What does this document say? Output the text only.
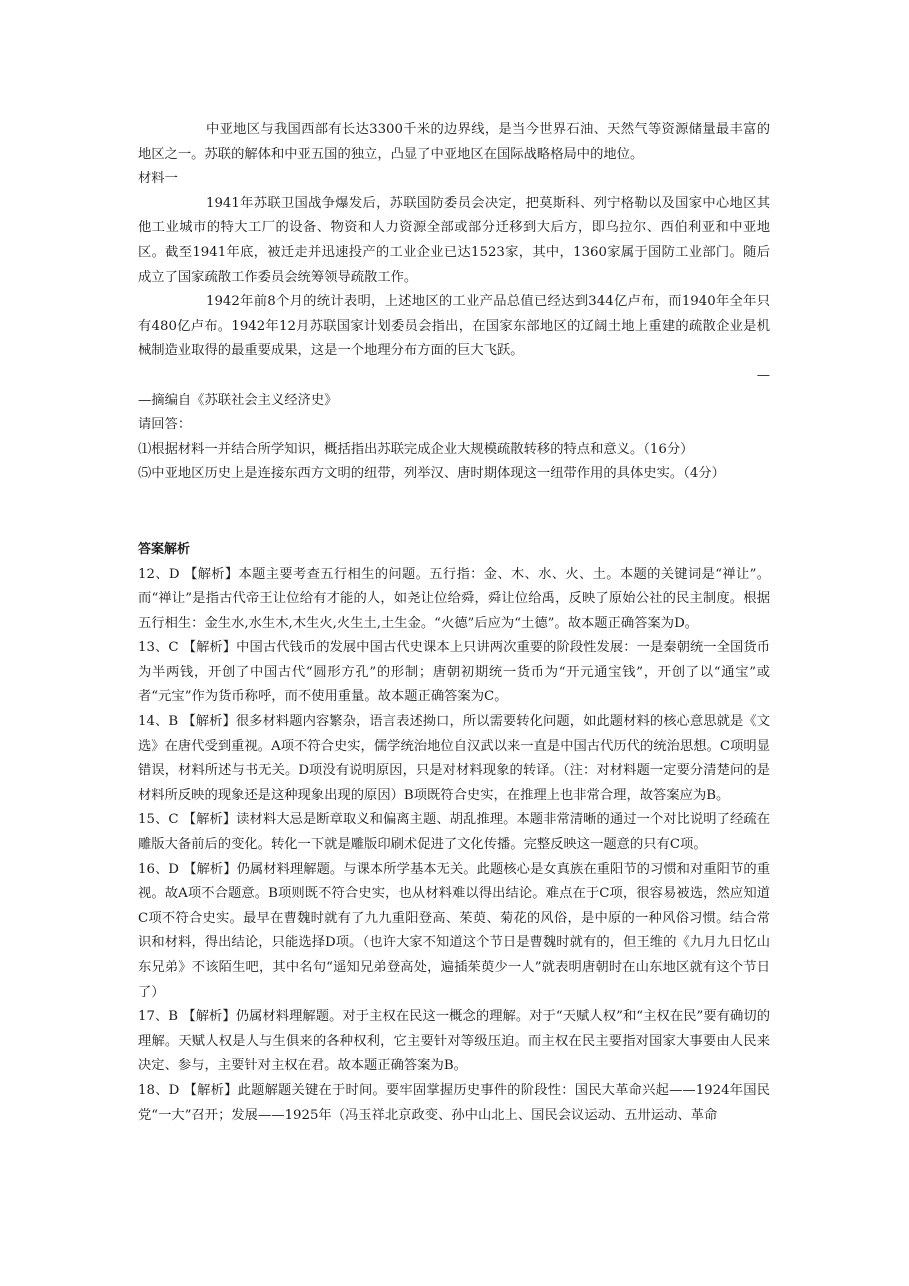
中亚地区与我国西部有长达3300千米的边界线，是当今世界石油、天然气等资源储量最丰富的地区之一。苏联的解体和中亚五国的独立，凸显了中亚地区在国际战略格局中的地位。

材料一

1941年苏联卫国战争爆发后，苏联国防委员会决定，把莫斯科、列宁格勒以及国家中心地区其他工业城市的特大工厂的设备、物资和人力资源全部或部分迁移到大后方，即乌拉尔、西伯利亚和中亚地区。截至1941年底，被迁走并迅速投产的工业企业已达1523家，其中，1360家属于国防工业部门。随后成立了国家疏散工作委员会统筹领导疏散工作。

1942年前8个月的统计表明，上述地区的工业产品总值已经达到344亿卢布，而1940年全年只有480亿卢布。1942年12月苏联国家计划委员会指出，在国家东部地区的辽阔土地上重建的疏散企业是机械制造业取得的最重要成果，这是一个地理分布方面的巨大飞跃。

—

—摘编自《苏联社会主义经济史》

请回答：

⑴根据材料一并结合所学知识，概括指出苏联完成企业大规模疏散转移的特点和意义。（16分）

⑸中亚地区历史上是连接东西方文明的纽带，列举汉、唐时期体现这一纽带作用的具体史实。（4分）

答案解析

12、D 【解析】本题主要考查五行相生的问题。五行指：金、木、水、火、土。本题的关键词是“禅让”。而“禅让”是指古代帝王让位给有才能的人，如尧让位给舜，舜让位给禹，反映了原始公社的民主制度。根据五行相生：金生水,水生木,木生火,火生土,土生金。“火德”后应为“土德”。故本题正确答案为D。

13、C 【解析】中国古代钱币的发展中国古代史课本上只讲两次重要的阶段性发展：一是秦朝统一全国货币为半两钱，开创了中国古代“圆形方孔”的形制；唐朝初期统一货币为“开元通宝钱”，开创了以“通宝”或者“元宝”作为货币称呼，而不使用重量。故本题正确答案为C。

14、B 【解析】很多材料题内容繁杂，语言表述拗口，所以需要转化问题，如此题材料的核心意思就是《文选》在唐代受到重视。A项不符合史实，儒学统治地位自汉武以来一直是中国古代历代的统治思想。C项明显错误，材料所述与书无关。D项没有说明原因，只是对材料现象的转译。（注：对材料题一定要分清楚问的是材料所反映的现象还是这种现象出现的原因）B项既符合史实，在推理上也非常合理，故答案应为B。

15、C 【解析】读材料大忌是断章取义和偏离主题、胡乱推理。本题非常清晰的通过一个对比说明了经疏在雕版大备前后的变化。转化一下就是雕版印刷术促进了文化传播。完整反映这一题意的只有C项。

16、D 【解析】仍属材料理解题。与课本所学基本无关。此题核心是女真族在重阳节的习惯和对重阳节的重视。故A项不合题意。B项则既不符合史实，也从材料难以得出结论。难点在于C项，很容易被选，然应知道C项不符合史实。最早在曹魏时就有了九九重阳登高、茱萸、菊花的风俗，是中原的一种风俗习惯。结合常识和材料，得出结论，只能选择D项。（也许大家不知道这个节日是曹魏时就有的，但王维的《九月九日忆山东兄弟》不该陌生吧，其中名句“遥知兄弟登高处，遍插茱萸少一人”就表明唐朝时在山东地区就有这个节日了）

17、B 【解析】仍属材料理解题。对于主权在民这一概念的理解。对于“天赋人权”和“主权在民”要有确切的理解。天赋人权是人与生俱来的各种权利，它主要针对等级压迫。而主权在民主要指对国家大事要由人民来决定、参与，主要针对主权在君。故本题正确答案为B。

18、D 【解析】此题解题关键在于时间。要牢固掌握历史事件的阶段性：国民大革命兴起——1924年国民党“一大”召开；发展——1925年（冯玉祥北京政变、孙中山北上、国民会议运动、五卅运动、革命
